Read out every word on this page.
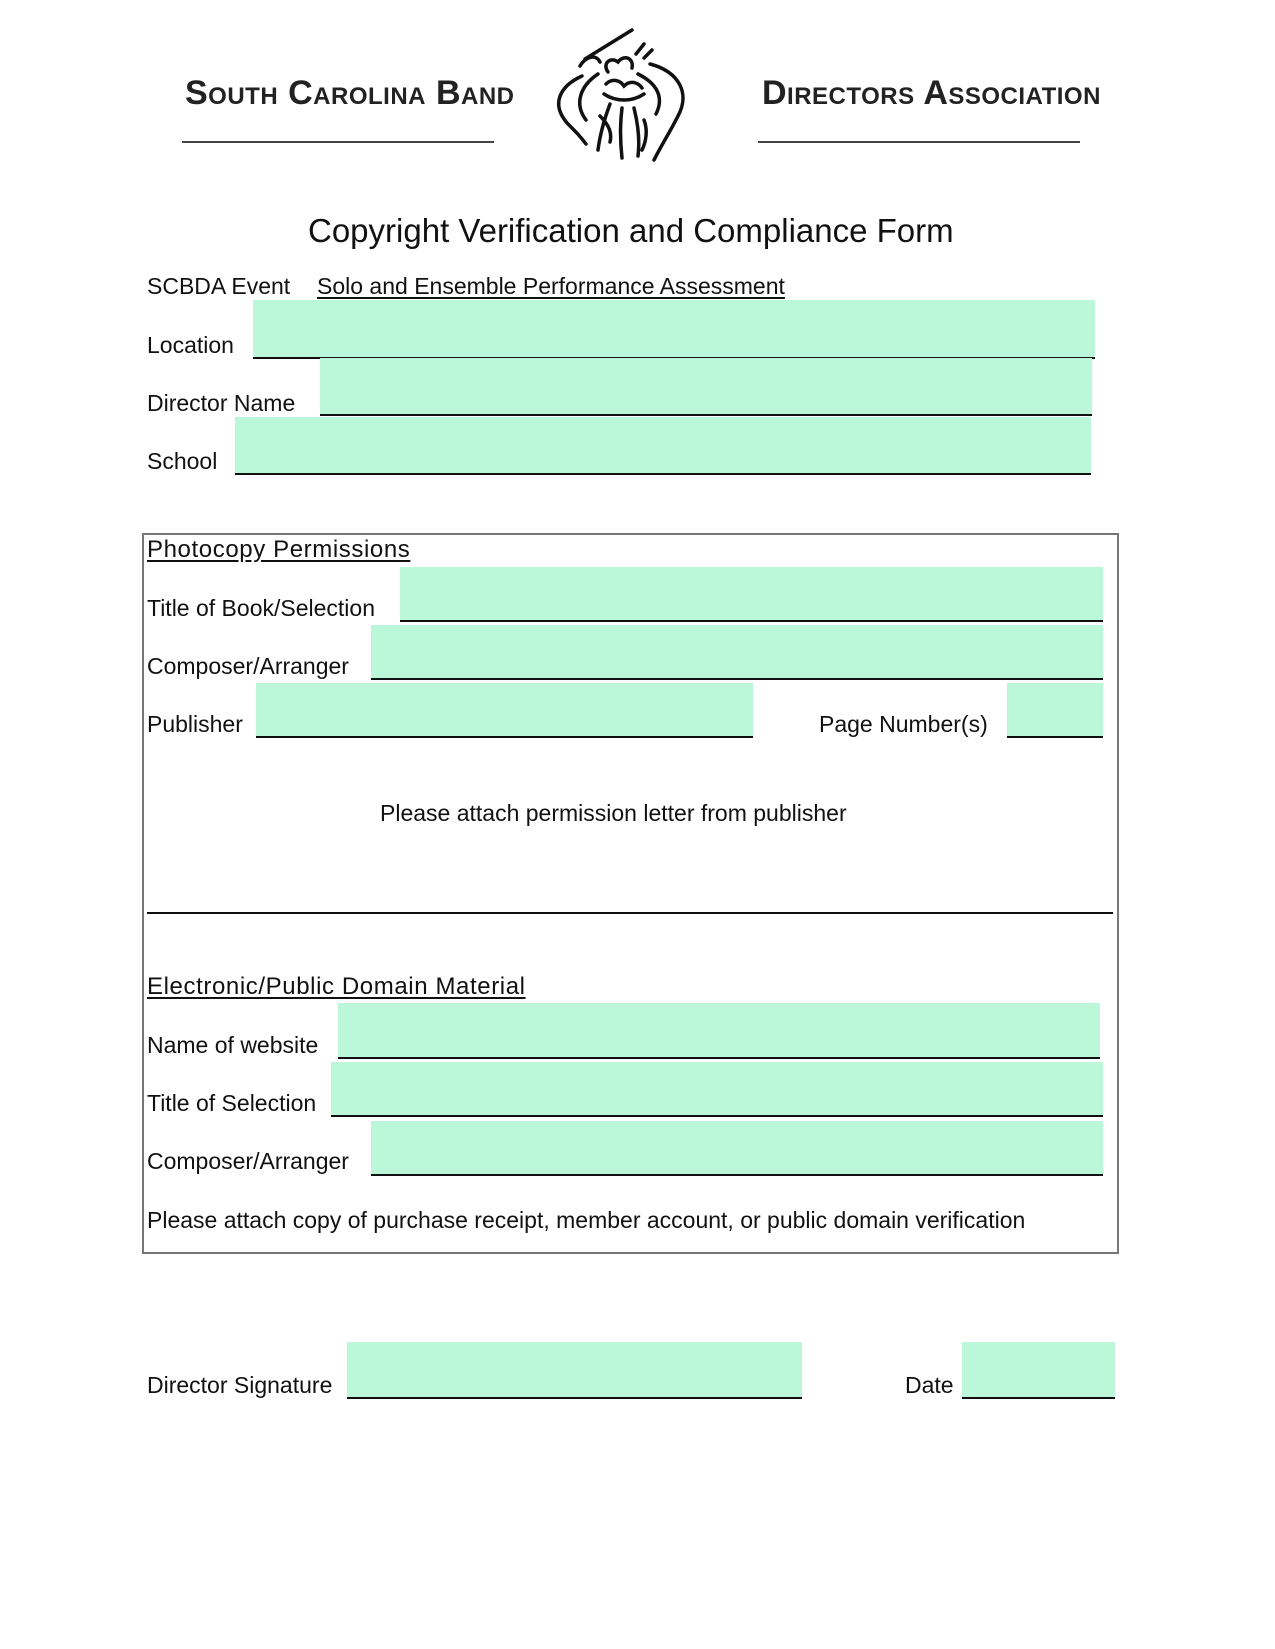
South Carolina Band	Directors Association
Copyright Verification and Compliance Form
SCBDA Event Solo and Ensemble Performance Assessment
Location
Director Name
School
Photocopy Permissions
Title of Book/Selection
Composer/Arranger
Publisher	Page Number(s)
Please attach permission letter from publisher
Electronic/Public Domain Material
Name of website
Title of Selection
Composer/Arranger
Please attach copy of purchase receipt, member account, or public domain verification
Director Signature	Date
